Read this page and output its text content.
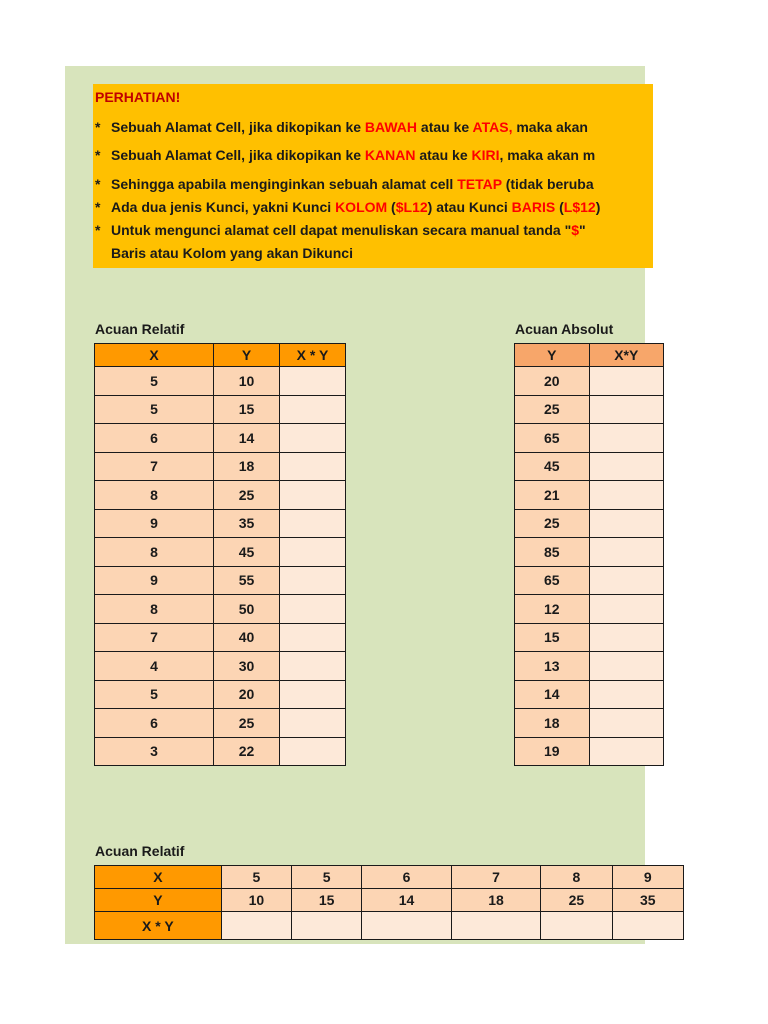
PERHATIAN!
* Sebuah Alamat Cell, jika dikopikan ke BAWAH atau ke ATAS, maka akan
* Sebuah Alamat Cell, jika dikopikan ke KANAN atau ke KIRI, maka akan m
* Sehingga apabila menginginkan sebuah alamat cell TETAP (tidak beruba
* Ada dua jenis Kunci, yakni Kunci KOLOM ($L12) atau Kunci BARIS (L$12)
* Untuk mengunci alamat cell dapat menuliskan secara manual tanda "$"
Baris atau Kolom yang akan Dikunci
Acuan Relatif
X	Y	X * Y
5	10	
5	15	
6	14	
7	18	
8	25	
9	35	
8	45	
9	55	
8	50	
7	40	
4	30	
5	20	
6	25	
3	22	
Acuan Absolut
Y	X*Y
20	
25	
65	
45	
21	
25	
85	
65	
12	
15	
13	
14	
18	
19	
Acuan Relatif
X	5	5	6	7	8	9
Y	10	15	14	18	25	35
X * Y						
